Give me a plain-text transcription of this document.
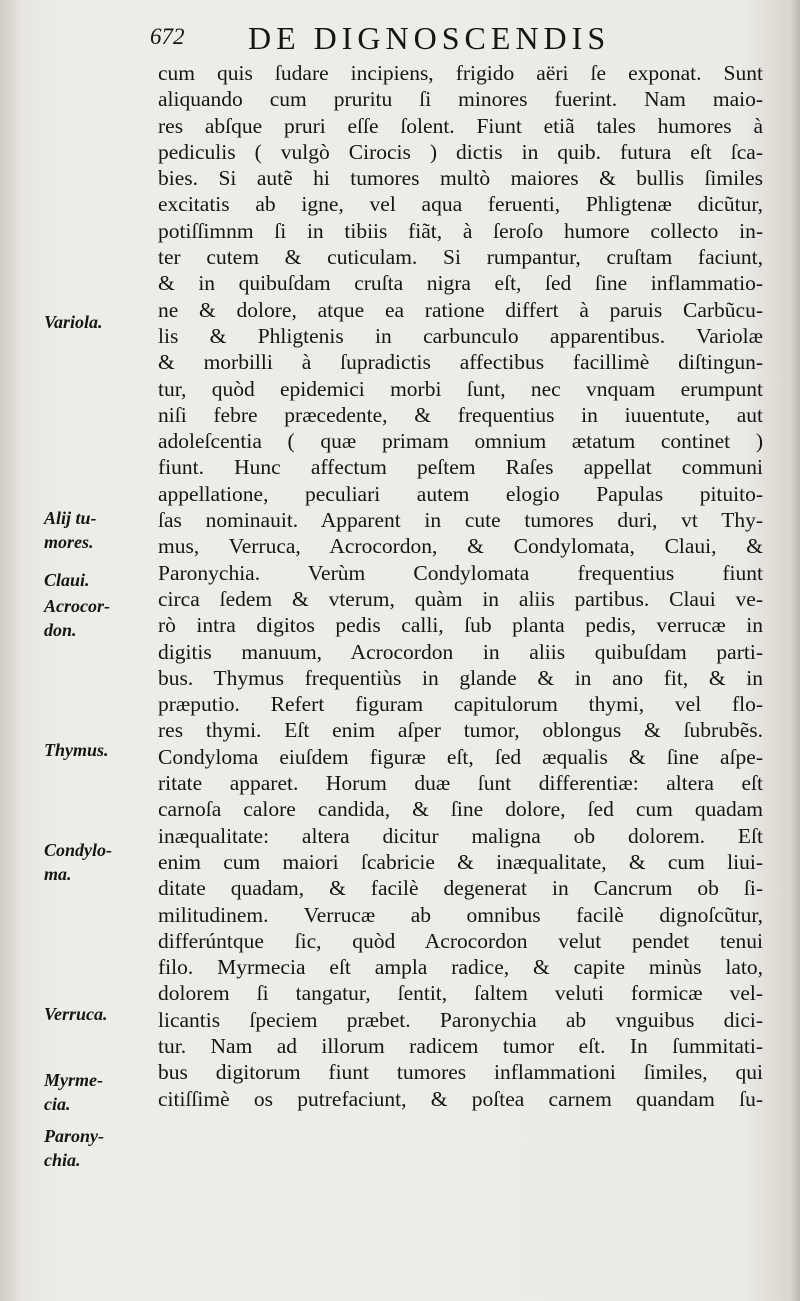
672 DE DIGNOSCENDIS
cum quis ſudare incipiens, frigido aëri ſe exponat. Sunt
aliquando cum pruritu ſi minores fuerint. Nam maio-
res abſque pruri eſſe ſolent. Fiunt etiã tales humores à
pediculis ( vulgò Cirocis ) dictis in quib. futura eſt ſca-
bies. Si autẽ hi tumores multò maiores & bullis ſimiles
excitatis ab igne, vel aqua feruenti, Phligtenæ dicũtur,
potiſſimnm ſi in tibiis fiãt, à ſeroſo humore collecto in-
ter cutem & cuticulam. Si rumpantur, cruſtam faciunt,
& in quibuſdam cruſta nigra eſt, ſed ſine inflammatio-
ne & dolore, atque ea ratione differt à paruis Carbũcu-
lis & Phligtenis in carbunculo apparentibus. Variolæ
& morbilli à ſupradictis affectibus facillimè diſtingun-
tur, quòd epidemici morbi ſunt, nec vnquam erumpunt
niſi febre præcedente, & frequentius in iuuentute, aut
adoleſcentia ( quæ primam omnium ætatum continet )
fiunt. Hunc affectum peſtem Raſes appellat communi
appellatione, peculiari autem elogio Papulas pituito-
ſas nominauit. Apparent in cute tumores duri, vt Thy-
mus, Verruca, Acrocordon, & Condylomata, Claui, &
Paronychia. Verùm Condylomata frequentius fiunt
circa ſedem & vterum, quàm in aliis partibus. Claui ve-
rò intra digitos pedis calli, ſub planta pedis, verrucæ in
digitis manuum, Acrocordon in aliis quibuſdam parti-
bus. Thymus frequentiùs in glande & in ano fit, & in
præputio. Refert figuram capitulorum thymi, vel flo-
res thymi. Eſt enim aſper tumor, oblongus & ſubrubẽs.
Condyloma eiuſdem figuræ eſt, ſed æqualis & ſine aſpe-
ritate apparet. Horum duæ ſunt differentiæ: altera eſt
carnoſa calore candida, & ſine dolore, ſed cum quadam
inæqualitate: altera dicitur maligna ob dolorem. Eſt
enim cum maiori ſcabricie & inæqualitate, & cum liui-
ditate quadam, & facilè degenerat in Cancrum ob ſi-
militudinem. Verrucæ ab omnibus facilè dignoſcũtur,
differúntque ſic, quòd Acrocordon velut pendet tenui
filo. Myrmecia eſt ampla radice, & capite minùs lato,
dolorem ſi tangatur, ſentit, ſaltem veluti formicæ vel-
licantis ſpeciem præbet. Paronychia ab vnguibus dici-
tur. Nam ad illorum radicem tumor eſt. In ſummitati-
bus digitorum fiunt tumores inflammationi ſimiles, qui
citiſſimè os putrefaciunt, & poſtea carnem quandam ſu-
Variola.
Alij tu-
mores.
Claui.
Acrocor-
don.
Thymus.
Condylo-
ma.
Verruca.
Myrme-
cia.
Parony-
chia.
